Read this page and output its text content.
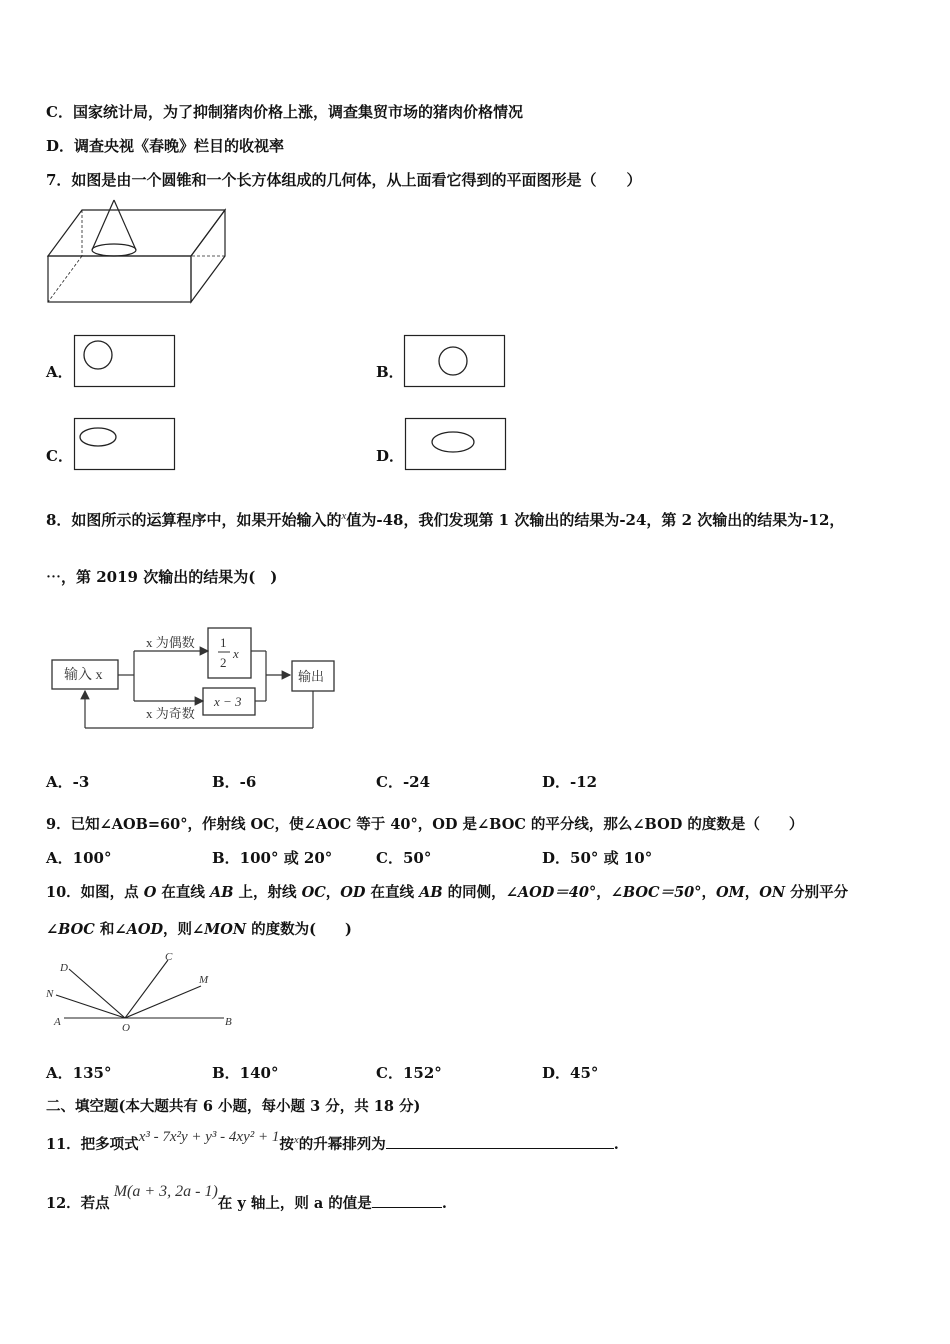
C．国家统计局，为了抑制猪肉价格上涨，调查集贸市场的猪肉价格情况
D．调查央视《春晚》栏目的收视率
7．如图是由一个圆锥和一个长方体组成的几何体，从上面看它得到的平面图形是（　　）
A．	B．
C．	D．
8．如图所示的运算程序中，如果开始输入的$^x$值为-48，我们发现第 1 次输出的结果为-24，第 2 次输出的结果为-12，
⋯，第 2019 次输出的结果为(　)
输入 x
x 为偶数
x 为奇数
1
2
x
x − 3
输出
A．-3	B．-6	C．-24	D．-12
9．已知∠AOB=60°，作射线 OC，使∠AOC 等于 40°，OD 是∠BOC 的平分线，那么∠BOD 的度数是（　　）
A．100°	B．100° 或 20°	C．50°	D．50° 或 10°
10．如图，点 O 在直线 AB 上，射线 OC，OD 在直线 AB 的同侧，∠AOD＝40°，∠BOC＝50°，OM，ON 分别平分
∠BOC 和∠AOD，则∠MON 的度数为(　　)
D
C
M
N
A	O	B
A．135°	B．140°	C．152°	D．45°
二、填空题(本大题共有 6 小题，每小题 3 分，共 18 分)
11．把多项式x³ - 7x²y + y³ - 4xy² + 1按$^x$的升幂排列为	.
12．若点M(a + 3, 2a - 1)在 y 轴上，则 a 的值是	.
